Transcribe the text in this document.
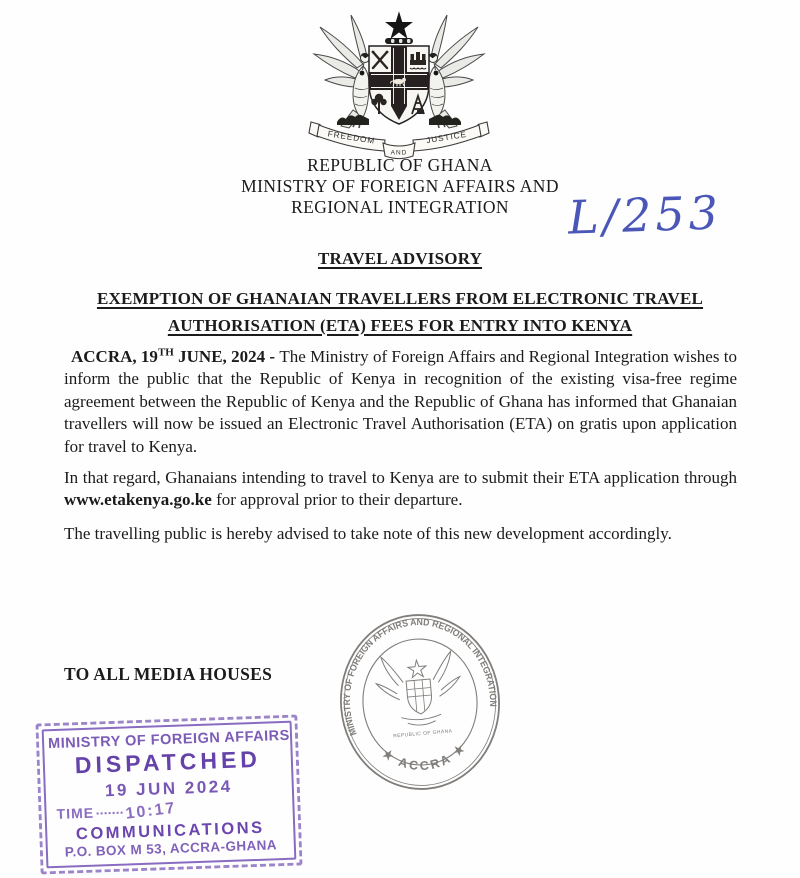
FREEDOM	JUSTICE
AND
REPUBLIC OF GHANA
MINISTRY OF FOREIGN AFFAIRS AND
REGIONAL INTEGRATION	L/253
TRAVEL ADVISORY
EXEMPTION OF GHANAIAN TRAVELLERS FROM ELECTRONIC TRAVEL
AUTHORISATION (ETA) FEES FOR ENTRY INTO KENYA

ACCRA, 19TH JUNE, 2024 - The Ministry of Foreign Affairs and Regional Integration wishes to inform the public that the Republic of Kenya in recognition of the existing visa-free regime agreement between the Republic of Kenya and the Republic of Ghana has informed that Ghanaian travellers will now be issued an Electronic Travel Authorisation (ETA) on gratis upon application for travel to Kenya.

In that regard, Ghanaians intending to travel to Kenya are to submit their ETA application through www.etakenya.go.ke for approval prior to their departure.

The travelling public is hereby advised to take note of this new development accordingly.

TO ALL MEDIA HOUSES
MINISTRY OF FOREIGN AFFAIRS AND REGIONAL INTEGRATION
★ ACCRA ★
REPUBLIC OF GHANA
MINISTRY OF FOREIGN AFFAIRS
DISPATCHED
19 JUN 2024
TIME 10:17
COMMUNICATIONS
P.O. BOX M 53, ACCRA-GHANA
